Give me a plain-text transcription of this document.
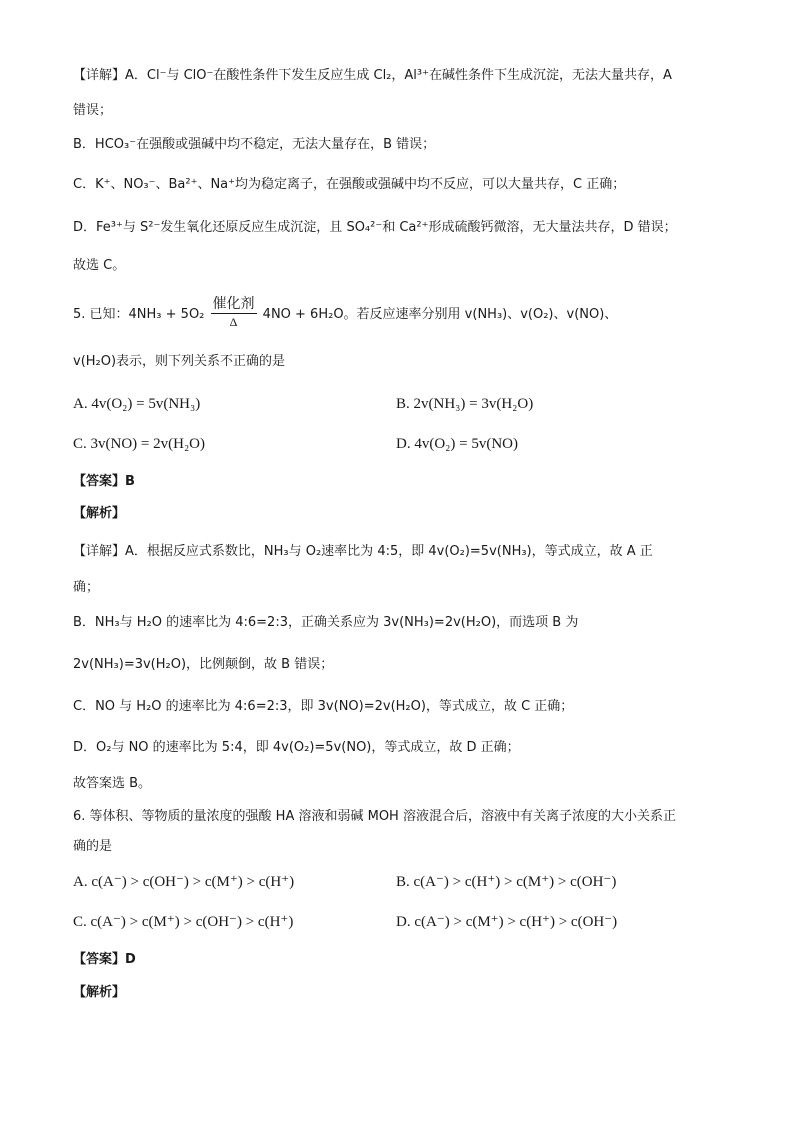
【详解】A．Cl⁻与 ClO⁻在酸性条件下发生反应生成 Cl₂，Al³⁺在碱性条件下生成沉淀，无法大量共存，A
错误；
B．HCO₃⁻在强酸或强碱中均不稳定，无法大量存在，B 错误；
C．K⁺、NO₃⁻、Ba²⁺、Na⁺均为稳定离子，在强酸或强碱中均不反应，可以大量共存，C 正确；
D．Fe³⁺与 S²⁻发生氧化还原反应生成沉淀，且 SO₄²⁻和 Ca²⁺形成硫酸钙微溶，无大量法共存，D 错误；
故选 C。
5. 已知：$4NH_3 + 5O_2 \frac{\text{催化剂}}{\Delta} 4NO + 6H_2O$。若反应速率分别用 v(NH₃)、v(O₂)、v(NO)、
v(H₂O)表示，则下列关系不正确的是
A. 4v(O₂) = 5v(NH₃)	B. 2v(NH₃) = 3v(H₂O)
C. 3v(NO) = 2v(H₂O)	D. 4v(O₂) = 5v(NO)
【答案】B
【解析】
【详解】A．根据反应式系数比，NH₃与 O₂速率比为 4:5，即 4v(O₂)=5v(NH₃)，等式成立，故 A 正
确；
B．NH₃与 H₂O 的速率比为 4:6=2:3，正确关系应为 3v(NH₃)=2v(H₂O)，而选项 B 为
2v(NH₃)=3v(H₂O)，比例颠倒，故 B 错误；
C．NO 与 H₂O 的速率比为 4:6=2:3，即 3v(NO)=2v(H₂O)，等式成立，故 C 正确；
D．O₂与 NO 的速率比为 5:4，即 4v(O₂)=5v(NO)，等式成立，故 D 正确；
故答案选 B。
6. 等体积、等物质的量浓度的强酸 HA 溶液和弱碱 MOH 溶液混合后，溶液中有关离子浓度的大小关系正
确的是
A. c(A⁻) > c(OH⁻) > c(M⁺) > c(H⁺)	B. c(A⁻) > c(H⁺) > c(M⁺) > c(OH⁻)
C. c(A⁻) > c(M⁺) > c(OH⁻) > c(H⁺)	D. c(A⁻) > c(M⁺) > c(H⁺) > c(OH⁻)
【答案】D
【解析】
